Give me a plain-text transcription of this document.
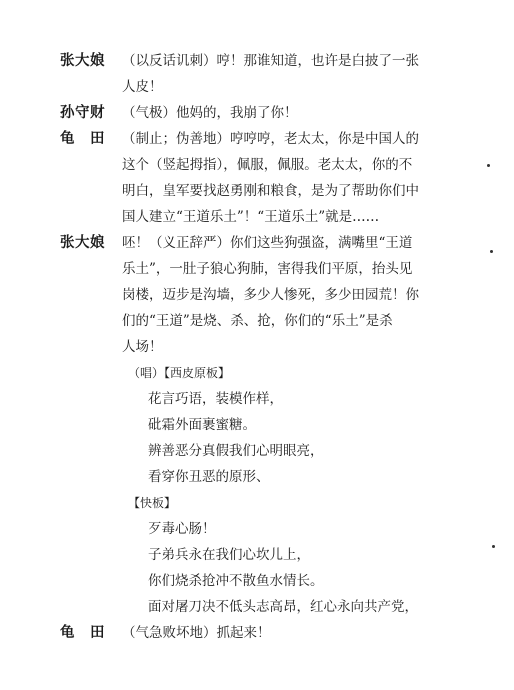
张大娘 （以反话讥刺）哼！那谁知道，也许是白披了一张
人皮！
孙守财 （气极）他妈的，我崩了你！
龟　田 （制止；伪善地）哼哼哼，老太太，你是中国人的
这个（竖起拇指），佩服，佩服。老太太，你的不
明白，皇军要找赵勇刚和粮食，是为了帮助你们中
国人建立“王道乐土”！“王道乐土”就是……
张大娘 呸！（义正辞严）你们这些狗强盗，满嘴里“王道
乐土”，一肚子狼心狗肺，害得我们平原，抬头见
岗楼，迈步是沟墙，多少人惨死，多少田园荒！你
们的“王道”是烧、杀、抢，你们的“乐土”是杀
人场！
（唱）【西皮原板】
花言巧语，装模作样，
砒霜外面裹蜜糖。
辨善恶分真假我们心明眼亮，
看穿你丑恶的原形、
【快板】
歹毒心肠！
子弟兵永在我们心坎儿上，
你们烧杀抢冲不散鱼水情长。
面对屠刀决不低头志高昂，红心永向共产党，
龟　田 （气急败坏地）抓起来！
